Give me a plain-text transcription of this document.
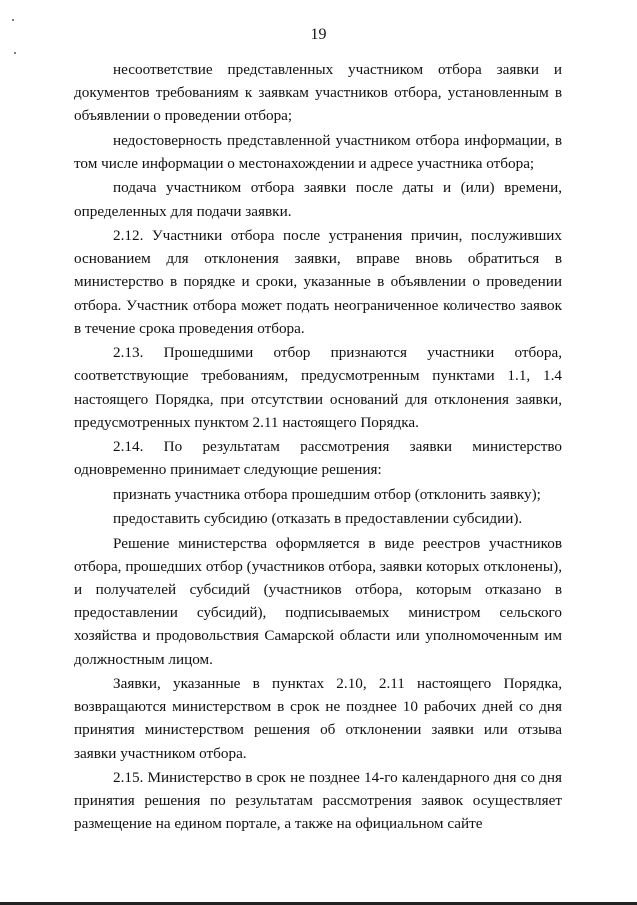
19

несоответствие представленных участником отбора заявки и документов требованиям к заявкам участников отбора, установленным в объявлении о проведении отбора;

недостоверность представленной участником отбора информации, в том числе информации о местонахождении и адресе участника отбора;

подача участником отбора заявки после даты и (или) времени, определенных для подачи заявки.

2.12. Участники отбора после устранения причин, послуживших основанием для отклонения заявки, вправе вновь обратиться в министерство в порядке и сроки, указанные в объявлении о проведении отбора. Участник отбора может подать неограниченное количество заявок в течение срока проведения отбора.

2.13. Прошедшими отбор признаются участники отбора, соответствующие требованиям, предусмотренным пунктами 1.1, 1.4 настоящего Порядка, при отсутствии оснований для отклонения заявки, предусмотренных пунктом 2.11 настоящего Порядка.

2.14. По результатам рассмотрения заявки министерство одновременно принимает следующие решения:

признать участника отбора прошедшим отбор (отклонить заявку);

предоставить субсидию (отказать в предоставлении субсидии).

Решение министерства оформляется в виде реестров участников отбора, прошедших отбор (участников отбора, заявки которых отклонены), и получателей субсидий (участников отбора, которым отказано в предоставлении субсидий), подписываемых министром сельского хозяйства и продовольствия Самарской области или уполномоченным им должностным лицом.

Заявки, указанные в пунктах 2.10, 2.11 настоящего Порядка, возвращаются министерством в срок не позднее 10 рабочих дней со дня принятия министерством решения об отклонении заявки или отзыва заявки участником отбора.

2.15. Министерство в срок не позднее 14-го календарного дня со дня принятия решения по результатам рассмотрения заявок осуществляет размещение на едином портале, а также на официальном сайте
